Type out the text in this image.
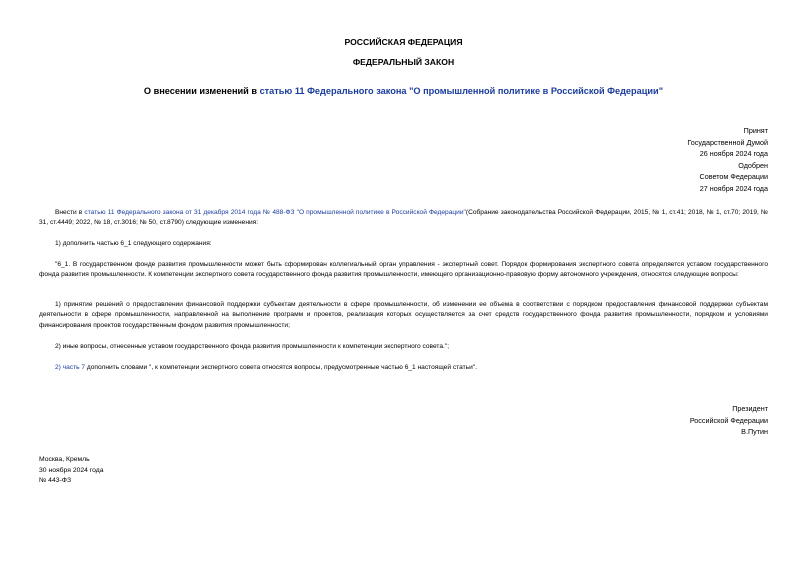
РОССИЙСКАЯ ФЕДЕРАЦИЯ
ФЕДЕРАЛЬНЫЙ ЗАКОН
О внесении изменений в статью 11 Федерального закона "О промышленной политике в Российской Федерации"
Принят
Государственной Думой
26 ноября 2024 года
Одобрен
Советом Федерации
27 ноября 2024 года
Внести в статью 11 Федерального закона от 31 декабря 2014 года № 488-ФЗ "О промышленной политике в Российской Федерации"(Собрание законодательства Российской Федерации, 2015, № 1, ст.41; 2018, № 1, ст.70; 2019, № 31, ст.4449; 2022, № 18, ст.3016; № 50, ст.8790) следующие изменения:
1) дополнить частью 6_1 следующего содержания:
"6_1. В государственном фонде развития промышленности может быть сформирован коллегиальный орган управления - экспертный совет. Порядок формирования экспертного совета определяется уставом государственного фонда развития промышленности. К компетенции экспертного совета государственного фонда развития промышленности, имеющего организационно-правовую форму автономного учреждения, относятся следующие вопросы:
1) принятие решений о предоставлении финансовой поддержки субъектам деятельности в сфере промышленности, об изменении ее объема в соответствии с порядком предоставления финансовой поддержки субъектам деятельности в сфере промышленности, направленной на выполнение программ и проектов, реализация которых осуществляется за счет средств государственного фонда развития промышленности, порядком и условиями финансирования проектов государственным фондом развития промышленности;
2) иные вопросы, отнесенные уставом государственного фонда развития промышленности к компетенции экспертного совета.";
2) часть 7 дополнить словами ", к компетенции экспертного совета относятся вопросы, предусмотренные частью 6_1 настоящей статьи".
Президент
Российской Федерации
В.Путин
Москва, Кремль
30 ноября 2024 года
№ 443-ФЗ
